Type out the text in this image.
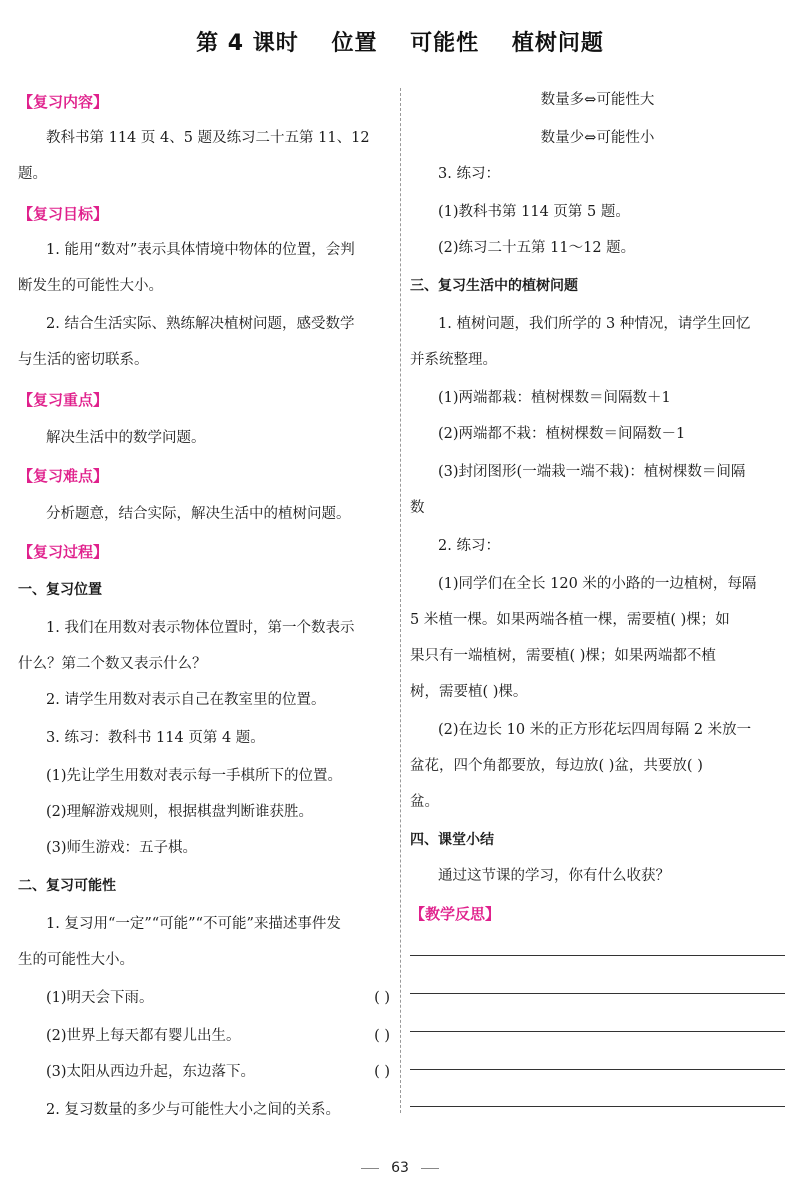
第 4 课时 位置 可能性 植树问题

【复习内容】

教科书第 114 页 4、5 题及练习二十五第 11、12

题。

【复习目标】

1. 能用“数对”表示具体情境中物体的位置，会判

断发生的可能性大小。

2. 结合生活实际、熟练解决植树问题，感受数学

与生活的密切联系。

【复习重点】

解决生活中的数学问题。

【复习难点】

分析题意，结合实际，解决生活中的植树问题。

【复习过程】

一、复习位置

1. 我们在用数对表示物体位置时，第一个数表示

什么？第二个数又表示什么？

2. 请学生用数对表示自己在教室里的位置。

3. 练习：教科书 114 页第 4 题。

(1)先让学生用数对表示每一手棋所下的位置。

(2)理解游戏规则，根据棋盘判断谁获胜。

(3)师生游戏：五子棋。

二、复习可能性

1. 复习用“一定”“可能”“不可能”来描述事件发

生的可能性大小。

(1)明天会下雨。	( )

(2)世界上每天都有婴儿出生。	( )

(3)太阳从西边升起，东边落下。	( )

2. 复习数量的多少与可能性大小之间的关系。

数量多⇔可能性大

数量少⇔可能性小

3. 练习：

(1)教科书第 114 页第 5 题。

(2)练习二十五第 11～12 题。

三、复习生活中的植树问题

1. 植树问题，我们所学的 3 种情况，请学生回忆

并系统整理。

(1)两端都栽：植树棵数＝间隔数＋1

(2)两端都不栽：植树棵数＝间隔数－1

(3)封闭图形(一端栽一端不栽)：植树棵数＝间隔

数

2. 练习：

(1)同学们在全长 120 米的小路的一边植树，每隔

5 米植一棵。如果两端各植一棵，需要植( )棵；如

果只有一端植树，需要植( )棵；如果两端都不植

树，需要植( )棵。

(2)在边长 10 米的正方形花坛四周每隔 2 米放一

盆花，四个角都要放，每边放( )盆，共要放( )

盆。

四、课堂小结

通过这节课的学习，你有什么收获？

【教学反思】

63
